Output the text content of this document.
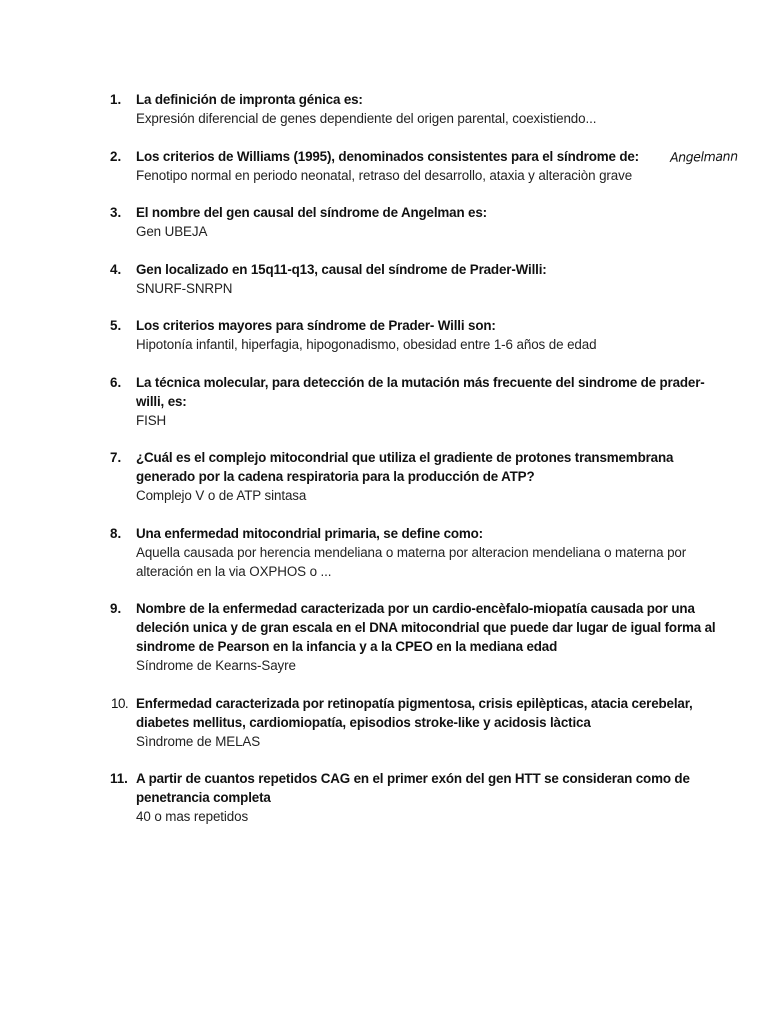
1. La definición de impronta génica es:
Expresión diferencial de genes dependiente del origen parental, coexistiendo...
2. Los criterios de Williams (1995), denominados consistentes para el síndrome de:
Fenotipo normal en periodo neonatal, retraso del desarrollo, ataxia y alteraciòn grave
3. El nombre del gen causal del síndrome de Angelman es:
Gen UBEJA
4. Gen localizado en 15q11-q13, causal del síndrome de Prader-Willi:
SNURF-SNRPN
5. Los criterios mayores para síndrome de Prader- Willi son:
Hipotonía infantil, hiperfagia, hipogonadismo, obesidad entre 1-6 años de edad
6. La técnica molecular, para detección de la mutación más frecuente del sindrome de prader-willi, es:
FISH
7. ¿Cuál es el complejo mitocondrial que utiliza el gradiente de protones transmembrana generado por la cadena respiratoria para la producción de ATP?
Complejo V o de ATP sintasa
8. Una enfermedad mitocondrial primaria, se define como:
Aquella causada por herencia mendeliana o materna por alteracion mendeliana o materna por alteración en la via OXPHOS o ...
9. Nombre de la enfermedad caracterizada por un cardio-encèfalo-miopatía causada por una deleción unica y de gran escala en el DNA mitocondrial que puede dar lugar de igual forma al sindrome de Pearson en la infancia y a la CPEO en la mediana edad
Síndrome de Kearns-Sayre
10. Enfermedad caracterizada por retinopatía pigmentosa, crisis epilèpticas, atacia cerebelar, diabetes mellitus, cardiomiopatía, episodios stroke-like y acidosis làctica
Sìndrome de MELAS
11. A partir de cuantos repetidos CAG en el primer exón del gen HTT se consideran como de penetrancia completa
40 o mas repetidos
Angelmann
